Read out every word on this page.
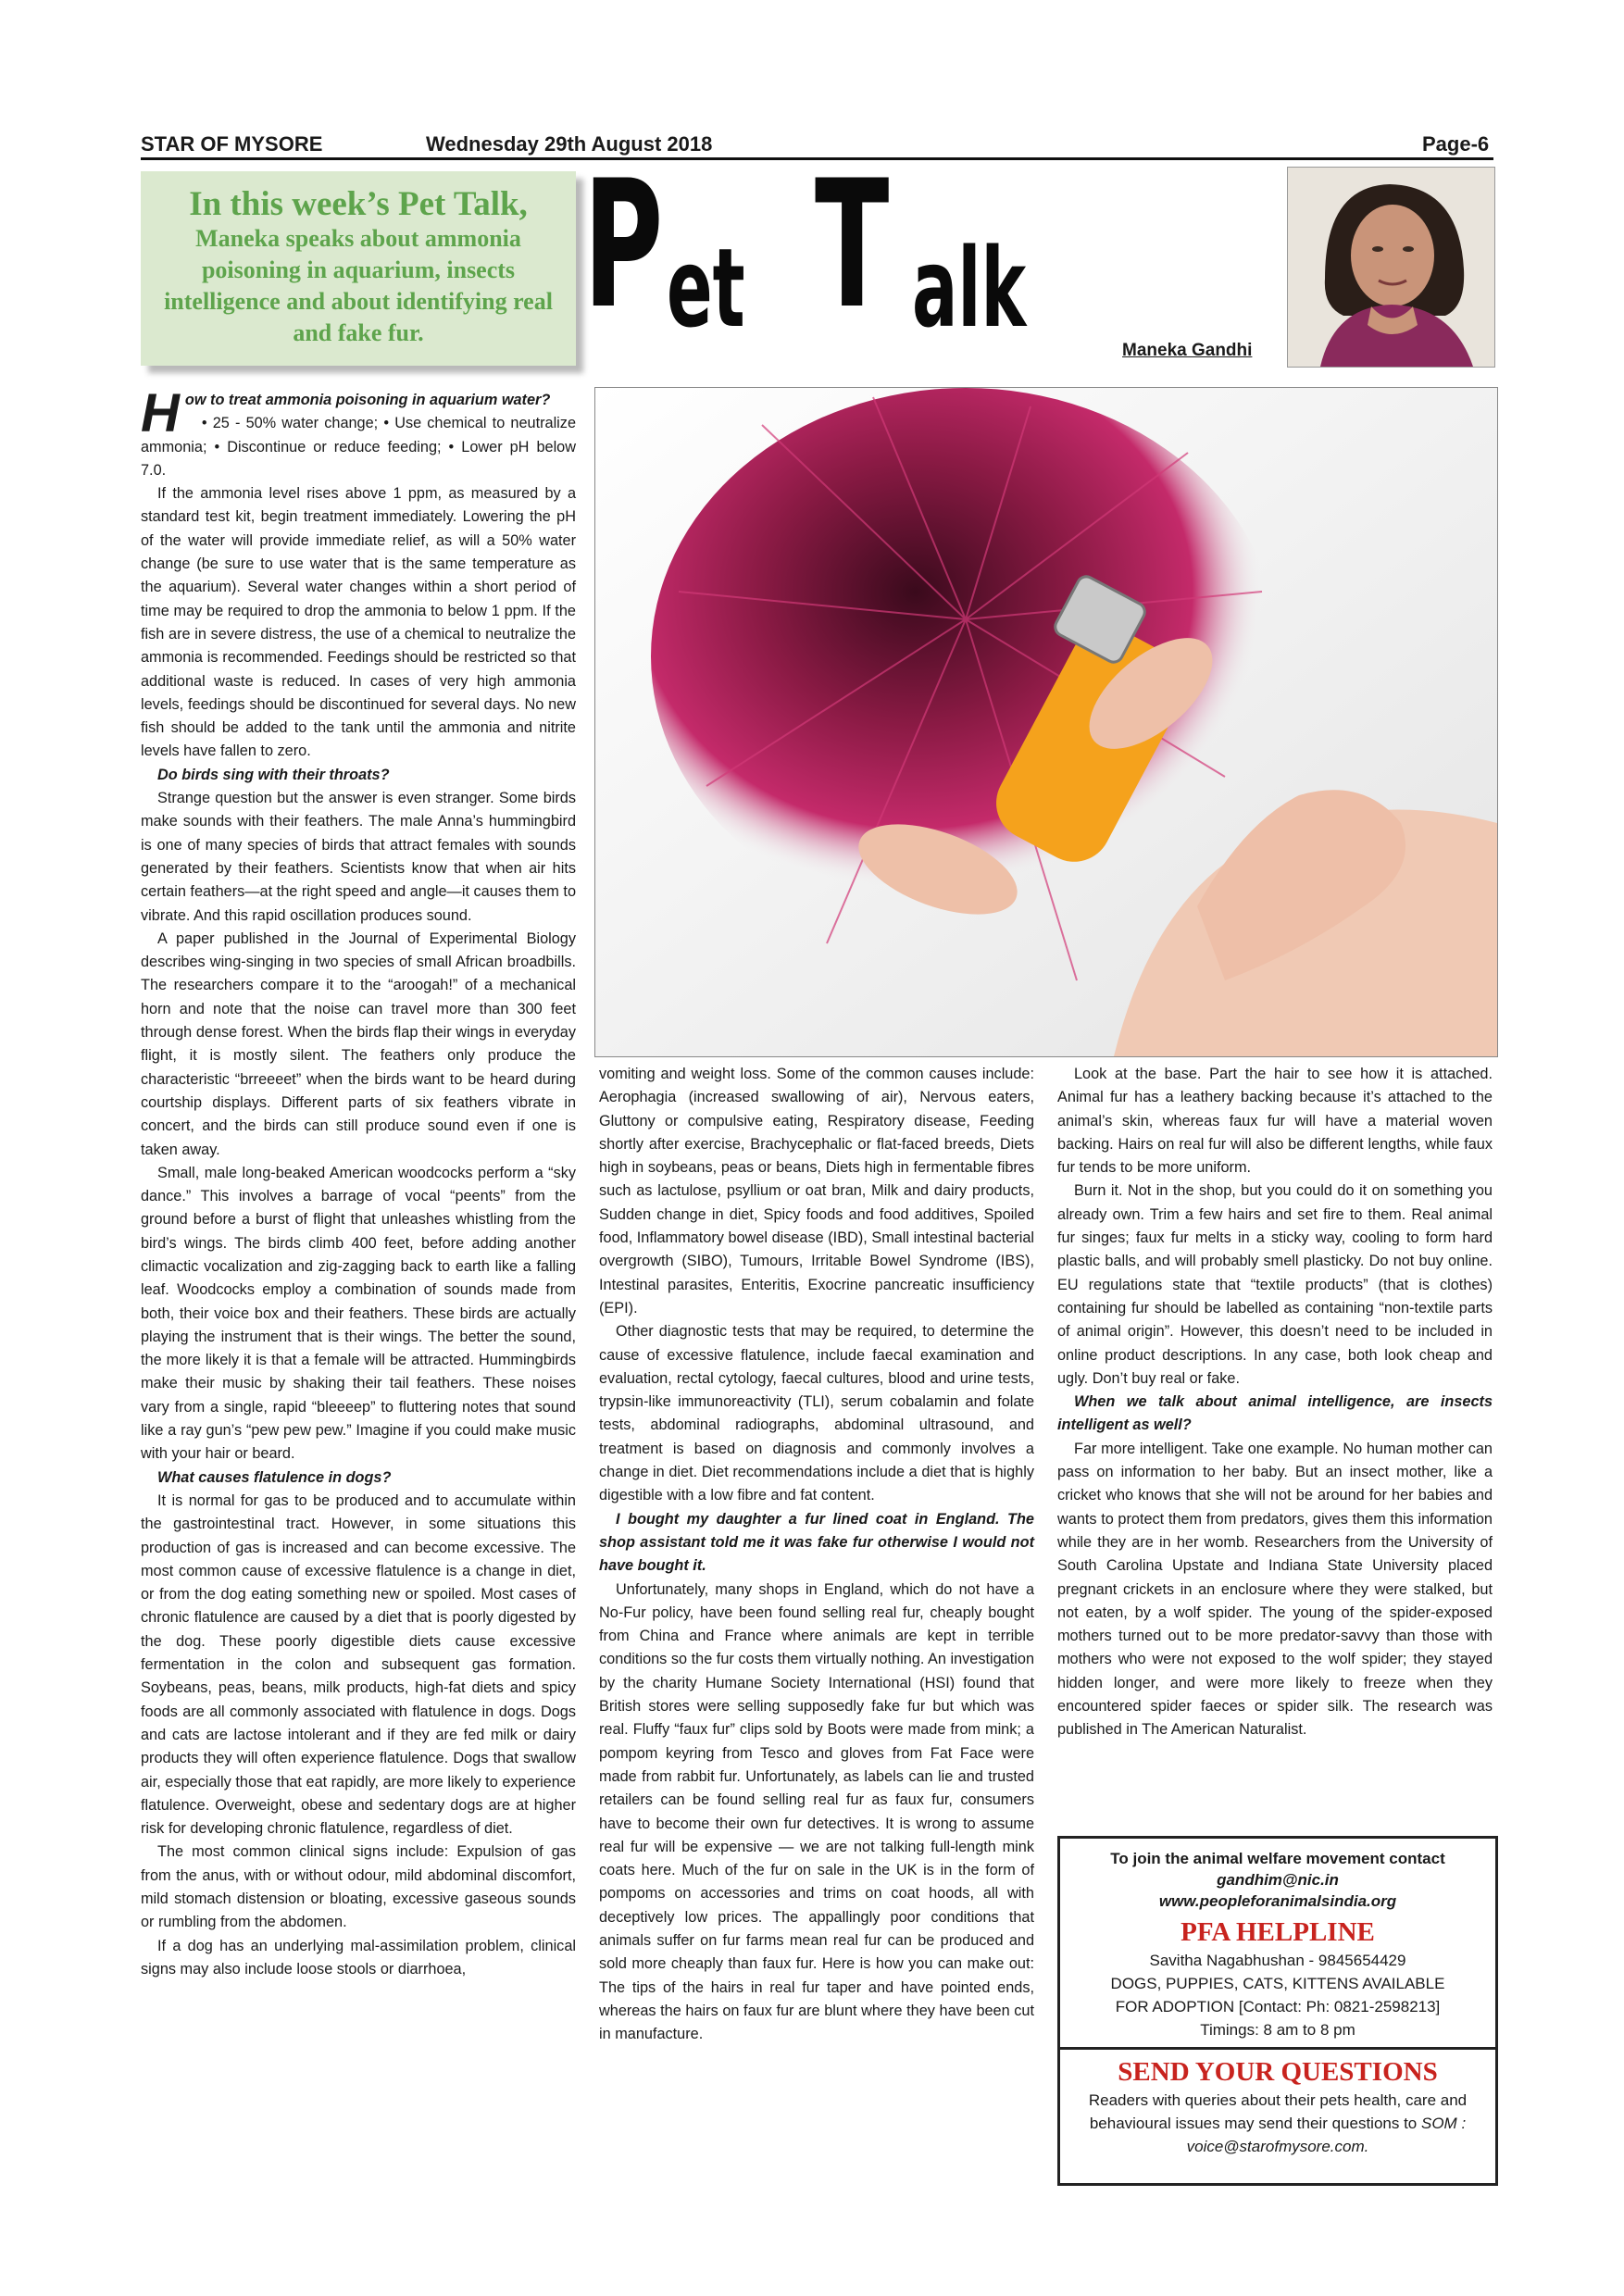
STAR OF MYSORE	Wednesday 29th August 2018	Page-6
In this week’s Pet Talk,
Maneka speaks about ammonia poisoning in aquarium, insects intelligence and about identifying real and fake fur. P et T alk	Maneka Gandhi

How to treat ammonia poisoning in aquarium water?

• 25 - 50% water change; • Use chemical to neutralize ammonia; • Discontinue or reduce feeding; • Lower pH below 7.0.

If the ammonia level rises above 1 ppm, as measured by a standard test kit, begin treatment immediately. Lowering the pH of the water will provide immediate relief, as will a 50% water change (be sure to use water that is the same temperature as the aquarium). Several water changes within a short period of time may be required to drop the ammonia to below 1 ppm. If the fish are in severe distress, the use of a chemical to neutralize the ammonia is recommended. Feedings should be restricted so that additional waste is reduced. In cases of very high ammonia levels, feedings should be discontinued for several days. No new fish should be added to the tank until the ammonia and nitrite levels have fallen to zero.

Do birds sing with their throats?

Strange question but the answer is even stranger. Some birds make sounds with their feathers. The male Anna’s hummingbird is one of many species of birds that attract females with sounds generated by their feathers. Scientists know that when air hits certain feathers—at the right speed and angle—it causes them to vibrate. And this rapid oscillation produces sound.

A paper published in the Journal of Experimental Biology describes wing-singing in two species of small African broadbills. The researchers compare it to the “aroogah!” of a mechanical horn and note that the noise can travel more than 300 feet through dense forest. When the birds flap their wings in everyday flight, it is mostly silent. The feathers only produce the characteristic “brreeeet” when the birds want to be heard during courtship displays. Different parts of six feathers vibrate in concert, and the birds can still produce sound even if one is taken away.

Small, male long-beaked American woodcocks perform a “sky dance.” This involves a barrage of vocal “peents” from the ground before a burst of flight that unleashes whistling from the bird’s wings. The birds climb 400 feet, before adding another climactic vocalization and zig-zagging back to earth like a falling leaf. Woodcocks employ a combination of sounds made from both, their voice box and their feathers. These birds are actually playing the instrument that is their wings. The better the sound, the more likely it is that a female will be attracted. Hummingbirds make their music by shaking their tail feathers. These noises vary from a single, rapid “bleeeep” to fluttering notes that sound like a ray gun’s “pew pew pew.” Imagine if you could make music with your hair or beard.

What causes flatulence in dogs?

It is normal for gas to be produced and to accumulate within the gastrointestinal tract. However, in some situations this production of gas is increased and can become excessive. The most common cause of excessive flatulence is a change in diet, or from the dog eating something new or spoiled. Most cases of chronic flatulence are caused by a diet that is poorly digested by the dog. These poorly digestible diets cause excessive fermentation in the colon and subsequent gas formation. Soybeans, peas, beans, milk products, high-fat diets and spicy foods are all commonly associated with flatulence in dogs. Dogs and cats are lactose intolerant and if they are fed milk or dairy products they will often experience flatulence. Dogs that swallow air, especially those that eat rapidly, are more likely to experience flatulence. Overweight, obese and sedentary dogs are at higher risk for developing chronic flatulence, regardless of diet.

The most common clinical signs include: Expulsion of gas from the anus, with or without odour, mild abdominal discomfort, mild stomach distension or bloating, excessive gaseous sounds or rumbling from the abdomen.

If a dog has an underlying mal-assimilation problem, clinical signs may also include loose stools or diarrhoea,

vomiting and weight loss. Some of the common causes include: Aerophagia (increased swallowing of air), Nervous eaters, Gluttony or compulsive eating, Respiratory disease, Feeding shortly after exercise, Brachycephalic or flat-faced breeds, Diets high in soybeans, peas or beans, Diets high in fermentable fibres such as lactulose, psyllium or oat bran, Milk and dairy products, Sudden change in diet, Spicy foods and food additives, Spoiled food, Inflammatory bowel disease (IBD), Small intestinal bacterial overgrowth (SIBO), Tumours, Irritable Bowel Syndrome (IBS), Intestinal parasites, Enteritis, Exocrine pancreatic insufficiency (EPI).

Other diagnostic tests that may be required, to determine the cause of excessive flatulence, include faecal examination and evaluation, rectal cytology, faecal cultures, blood and urine tests, trypsin-like immunoreactivity (TLI), serum cobalamin and folate tests, abdominal radiographs, abdominal ultrasound, and treatment is based on diagnosis and commonly involves a change in diet. Diet recommendations include a diet that is highly digestible with a low fibre and fat content.

I bought my daughter a fur lined coat in England. The shop assistant told me it was fake fur otherwise I would not have bought it.

Unfortunately, many shops in England, which do not have a No-Fur policy, have been found selling real fur, cheaply bought from China and France where animals are kept in terrible conditions so the fur costs them virtually nothing. An investigation by the charity Humane Society International (HSI) found that British stores were selling supposedly fake fur but which was real. Fluffy “faux fur” clips sold by Boots were made from mink; a pompom keyring from Tesco and gloves from Fat Face were made from rabbit fur. Unfortunately, as labels can lie and trusted retailers can be found selling real fur as faux fur, consumers have to become their own fur detectives. It is wrong to assume real fur will be expensive — we are not talking full-length mink coats here. Much of the fur on sale in the UK is in the form of pompoms on accessories and trims on coat hoods, all with deceptively low prices. The appallingly poor conditions that animals suffer on fur farms mean real fur can be produced and sold more cheaply than faux fur. Here is how you can make out: The tips of the hairs in real fur taper and have pointed ends, whereas the hairs on faux fur are blunt where they have been cut in manufacture.

Look at the base. Part the hair to see how it is attached. Animal fur has a leathery backing because it’s attached to the animal’s skin, whereas faux fur will have a material woven backing. Hairs on real fur will also be different lengths, while faux fur tends to be more uniform.

Burn it. Not in the shop, but you could do it on something you already own. Trim a few hairs and set fire to them. Real animal fur singes; faux fur melts in a sticky way, cooling to form hard plastic balls, and will probably smell plasticky. Do not buy online. EU regulations state that “textile products” (that is clothes) containing fur should be labelled as containing “non-textile parts of animal origin”. However, this doesn’t need to be included in online product descriptions. In any case, both look cheap and ugly. Don’t buy real or fake.

When we talk about animal intelligence, are insects intelligent as well?

Far more intelligent. Take one example. No human mother can pass on information to her baby. But an insect mother, like a cricket who knows that she will not be around for her babies and wants to protect them from predators, gives them this information while they are in her womb. Researchers from the University of South Carolina Upstate and Indiana State University placed pregnant crickets in an enclosure where they were stalked, but not eaten, by a wolf spider. The young of the spider-exposed mothers turned out to be more predator-savvy than those with mothers who were not exposed to the wolf spider; they stayed hidden longer, and were more likely to freeze when they encountered spider faeces or spider silk. The research was published in The American Naturalist.

To join the animal welfare movement contact
gandhim@nic.in
www.peopleforanimalsindia.org
PFA HELPLINE
Savitha Nagabhushan - 9845654429
DOGS, PUPPIES, CATS, KITTENS AVAILABLE
FOR ADOPTION [Contact: Ph: 0821-2598213]
Timings: 8 am to 8 pm
SEND YOUR QUESTIONS
Readers with queries about their pets health, care and behavioural issues may send their questions to SOM : voice@starofmysore.com.
